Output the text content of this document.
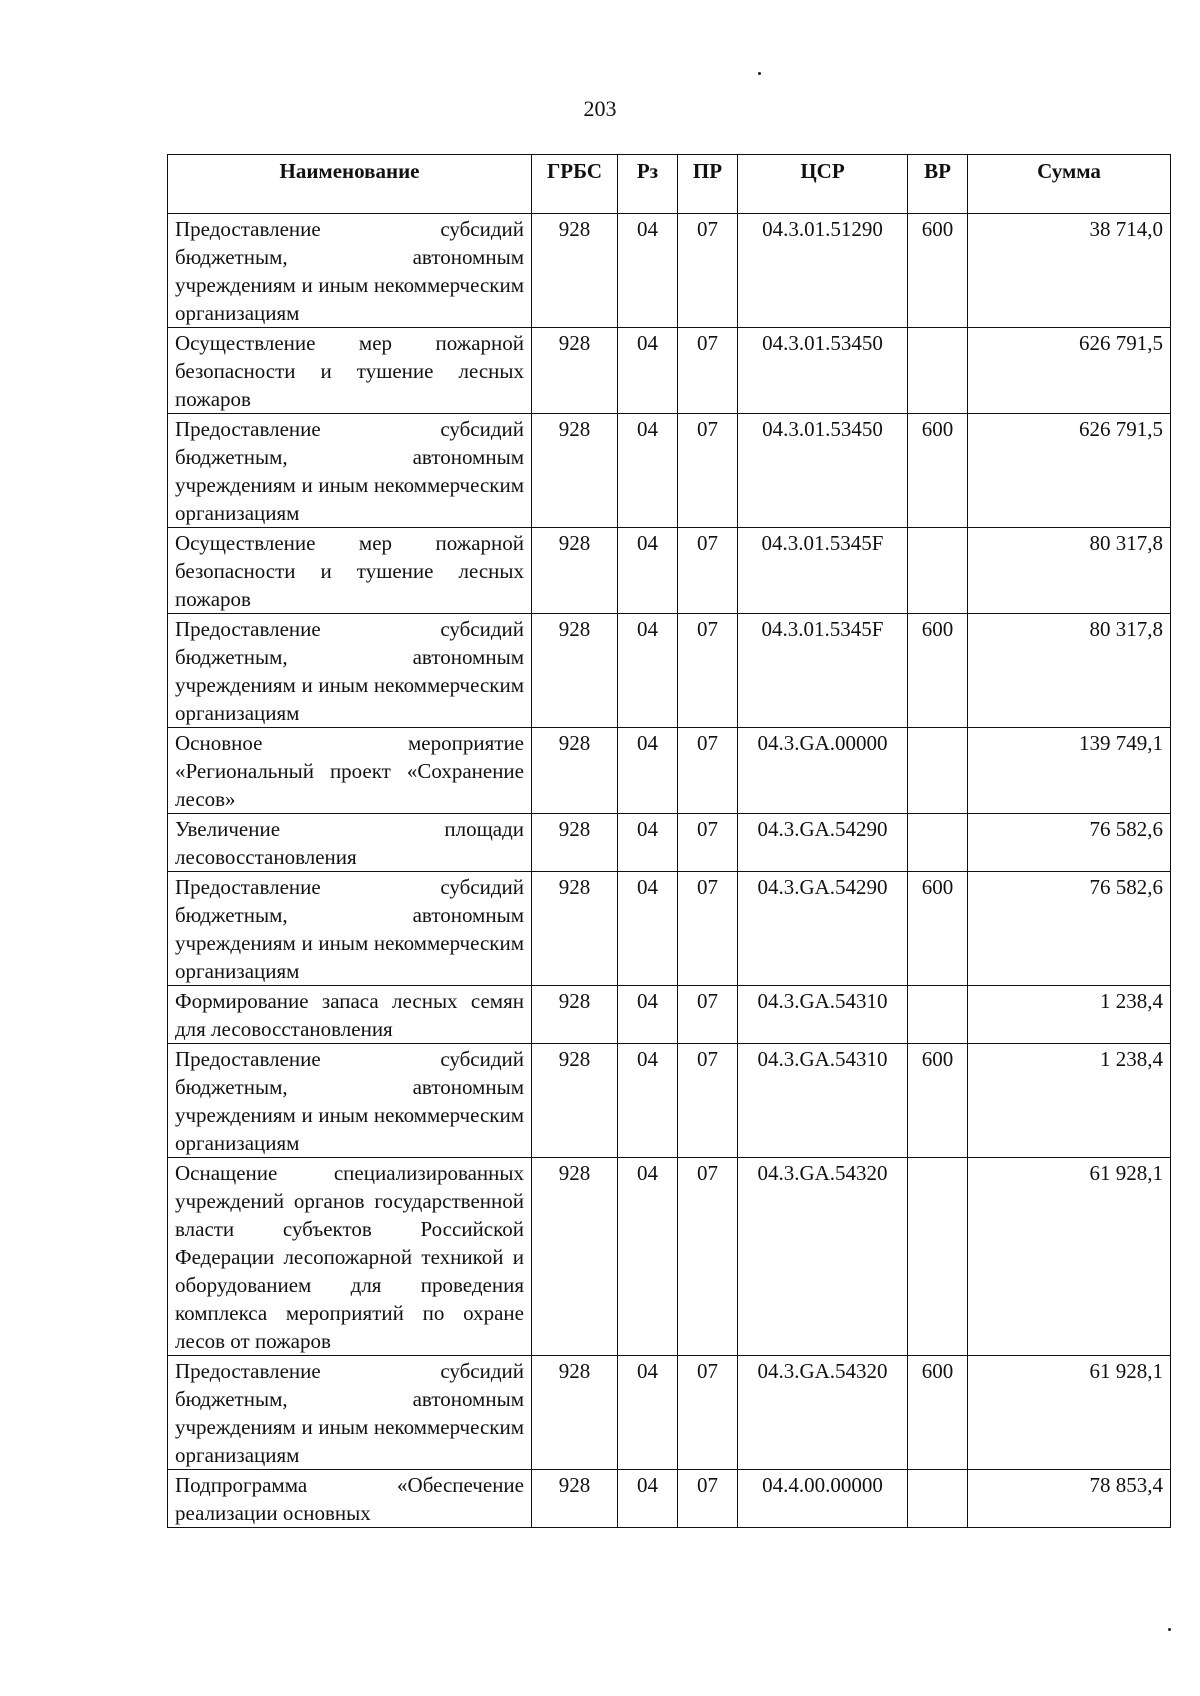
203
Наименование	ГРБС	Рз	ПР	ЦСР	ВР	Сумма
Предоставление субсидий бюджетным, автономным учреждениям и иным некоммерческим организациям	928	04	07	04.3.01.51290	600	38 714,0
Осуществление мер пожарной безопасности и тушение лесных пожаров	928	04	07	04.3.01.53450		626 791,5
Предоставление субсидий бюджетным, автономным учреждениям и иным некоммерческим организациям	928	04	07	04.3.01.53450	600	626 791,5
Осуществление мер пожарной безопасности и тушение лесных пожаров	928	04	07	04.3.01.5345F		80 317,8
Предоставление субсидий бюджетным, автономным учреждениям и иным некоммерческим организациям	928	04	07	04.3.01.5345F	600	80 317,8
Основное мероприятие «Региональный проект «Сохранение лесов»	928	04	07	04.3.GA.00000		139 749,1
Увеличение площади лесовосстановления	928	04	07	04.3.GA.54290		76 582,6
Предоставление субсидий бюджетным, автономным учреждениям и иным некоммерческим организациям	928	04	07	04.3.GA.54290	600	76 582,6
Формирование запаса лесных семян для лесовосстановления	928	04	07	04.3.GA.54310		1 238,4
Предоставление субсидий бюджетным, автономным учреждениям и иным некоммерческим организациям	928	04	07	04.3.GA.54310	600	1 238,4
Оснащение специализированных учреждений органов государственной власти субъектов Российской Федерации лесопожарной техникой и оборудованием для проведения комплекса мероприятий по охране лесов от пожаров	928	04	07	04.3.GA.54320		61 928,1
Предоставление субсидий бюджетным, автономным учреждениям и иным некоммерческим организациям	928	04	07	04.3.GA.54320	600	61 928,1
Подпрограмма «Обеспечение реализации основных	928	04	07	04.4.00.00000		78 853,4
